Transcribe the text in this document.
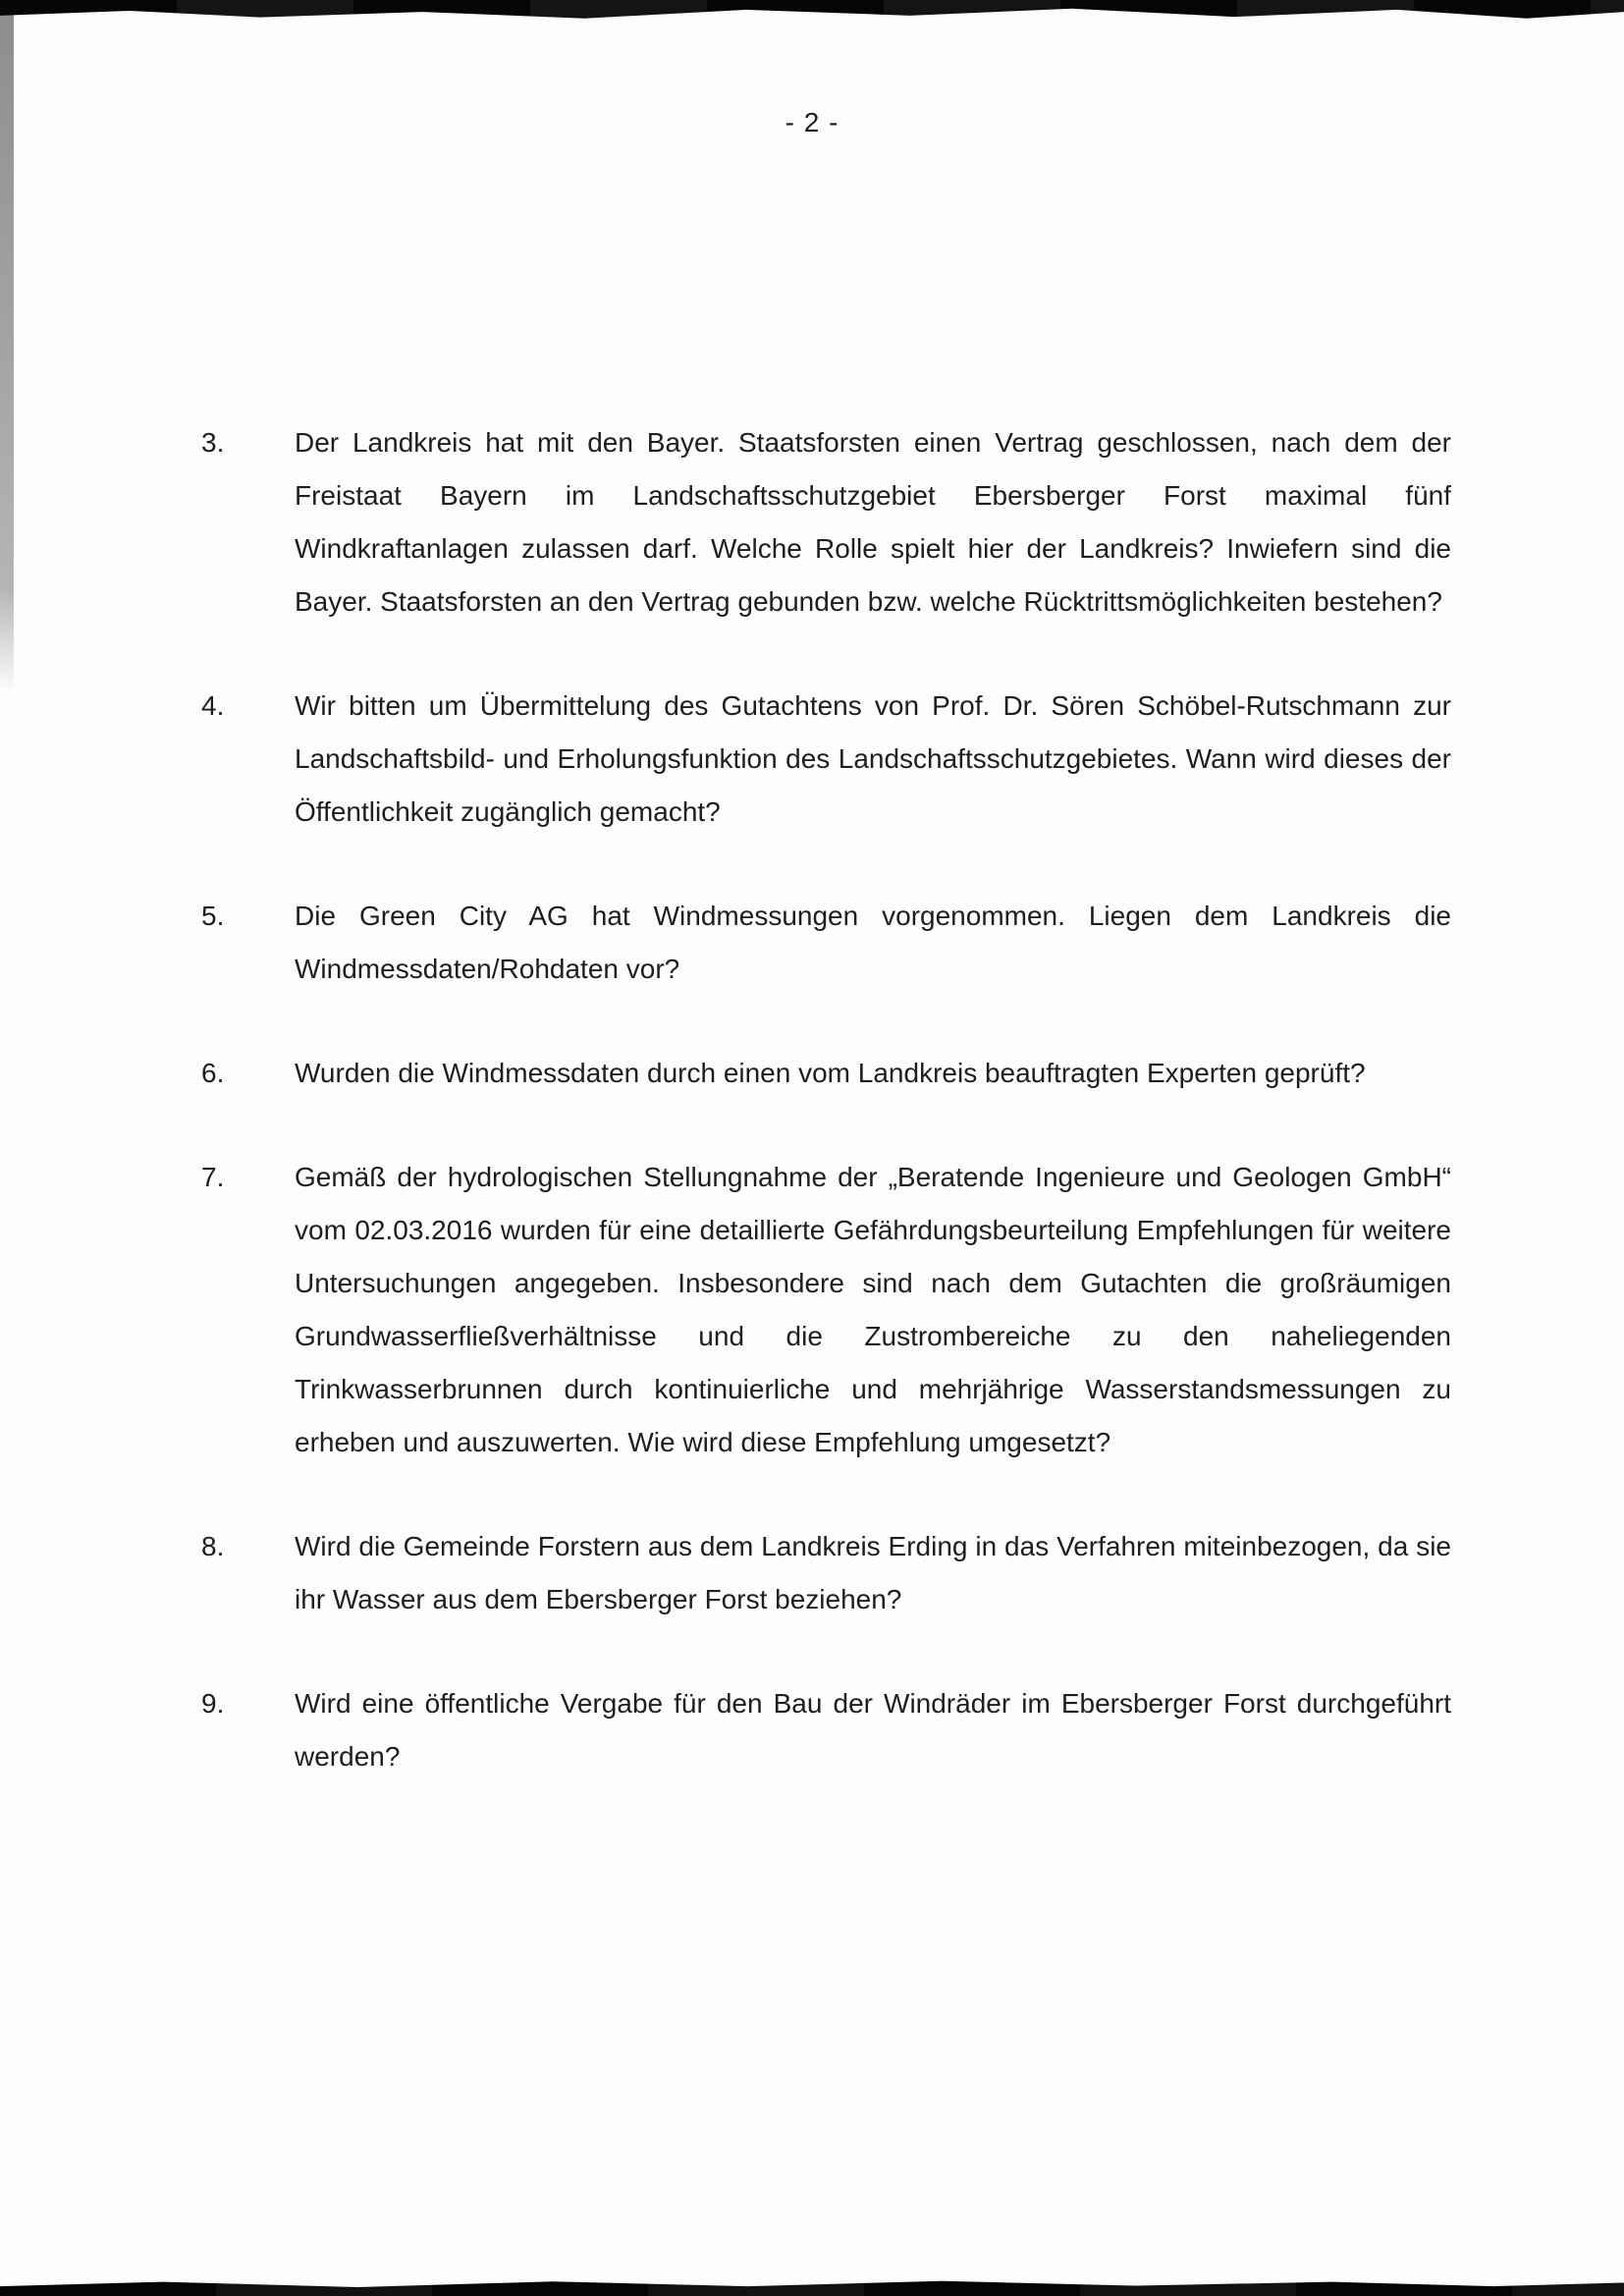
- 2 -
3.	Der Landkreis hat mit den Bayer. Staatsforsten einen Vertrag geschlossen, nach dem der Freistaat Bayern im Landschaftsschutzgebiet Ebersberger Forst maximal fünf Windkraftanlagen zulassen darf. Welche Rolle spielt hier der Landkreis? Inwiefern sind die Bayer. Staatsforsten an den Vertrag gebunden bzw. welche Rücktrittsmöglichkeiten bestehen?
4.	Wir bitten um Übermittelung des Gutachtens von Prof. Dr. Sören Schöbel-Rutschmann zur Landschaftsbild- und Erholungsfunktion des Landschaftsschutzgebietes. Wann wird dieses der Öffentlichkeit zugänglich gemacht?
5.	Die Green City AG hat Windmessungen vorgenommen. Liegen dem Landkreis die Windmessdaten/Rohdaten vor?
6.	Wurden die Windmessdaten durch einen vom Landkreis beauftragten Experten geprüft?
7.	Gemäß der hydrologischen Stellungnahme der „Beratende Ingenieure und Geologen GmbH“ vom 02.03.2016 wurden für eine detaillierte Gefährdungsbeurteilung Empfehlungen für weitere Untersuchungen angegeben. Insbesondere sind nach dem Gutachten die großräumigen Grundwasserfließverhältnisse und die Zustrombereiche zu den naheliegenden Trinkwasserbrunnen durch kontinuierliche und mehrjährige Wasserstandsmessungen zu erheben und auszuwerten. Wie wird diese Empfehlung umgesetzt?
8.	Wird die Gemeinde Forstern aus dem Landkreis Erding in das Verfahren miteinbezogen, da sie ihr Wasser aus dem Ebersberger Forst beziehen?
9.	Wird eine öffentliche Vergabe für den Bau der Windräder im Ebersberger Forst durchgeführt werden?
